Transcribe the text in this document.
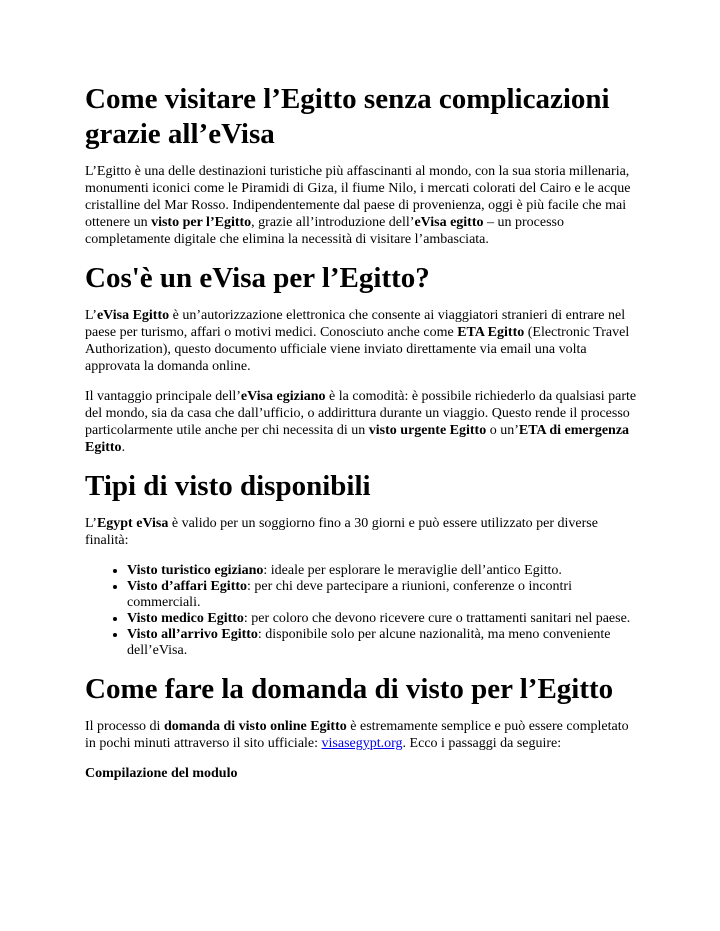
Come visitare l’Egitto senza complicazioni grazie all’eVisa

L’Egitto è una delle destinazioni turistiche più affascinanti al mondo, con la sua storia millenaria, monumenti iconici come le Piramidi di Giza, il fiume Nilo, i mercati colorati del Cairo e le acque cristalline del Mar Rosso. Indipendentemente dal paese di provenienza, oggi è più facile che mai ottenere un visto per l’Egitto, grazie all’introduzione dell’eVisa egitto – un processo completamente digitale che elimina la necessità di visitare l’ambasciata.

Cos'è un eVisa per l’Egitto?

L’eVisa Egitto è un’autorizzazione elettronica che consente ai viaggiatori stranieri di entrare nel paese per turismo, affari o motivi medici. Conosciuto anche come ETA Egitto (Electronic Travel Authorization), questo documento ufficiale viene inviato direttamente via email una volta approvata la domanda online.

Il vantaggio principale dell’eVisa egiziano è la comodità: è possibile richiederlo da qualsiasi parte del mondo, sia da casa che dall’ufficio, o addirittura durante un viaggio. Questo rende il processo particolarmente utile anche per chi necessita di un visto urgente Egitto o un’ETA di emergenza Egitto.

Tipi di visto disponibili

L’Egypt eVisa è valido per un soggiorno fino a 30 giorni e può essere utilizzato per diverse finalità:

• Visto turistico egiziano: ideale per esplorare le meraviglie dell’antico Egitto.
• Visto d’affari Egitto: per chi deve partecipare a riunioni, conferenze o incontri commerciali.
• Visto medico Egitto: per coloro che devono ricevere cure o trattamenti sanitari nel paese.
• Visto all’arrivo Egitto: disponibile solo per alcune nazionalità, ma meno conveniente dell’eVisa.
Come fare la domanda di visto per l’Egitto

Il processo di domanda di visto online Egitto è estremamente semplice e può essere completato in pochi minuti attraverso il sito ufficiale: visasegypt.org. Ecco i passaggi da seguire:

Compilazione del modulo
